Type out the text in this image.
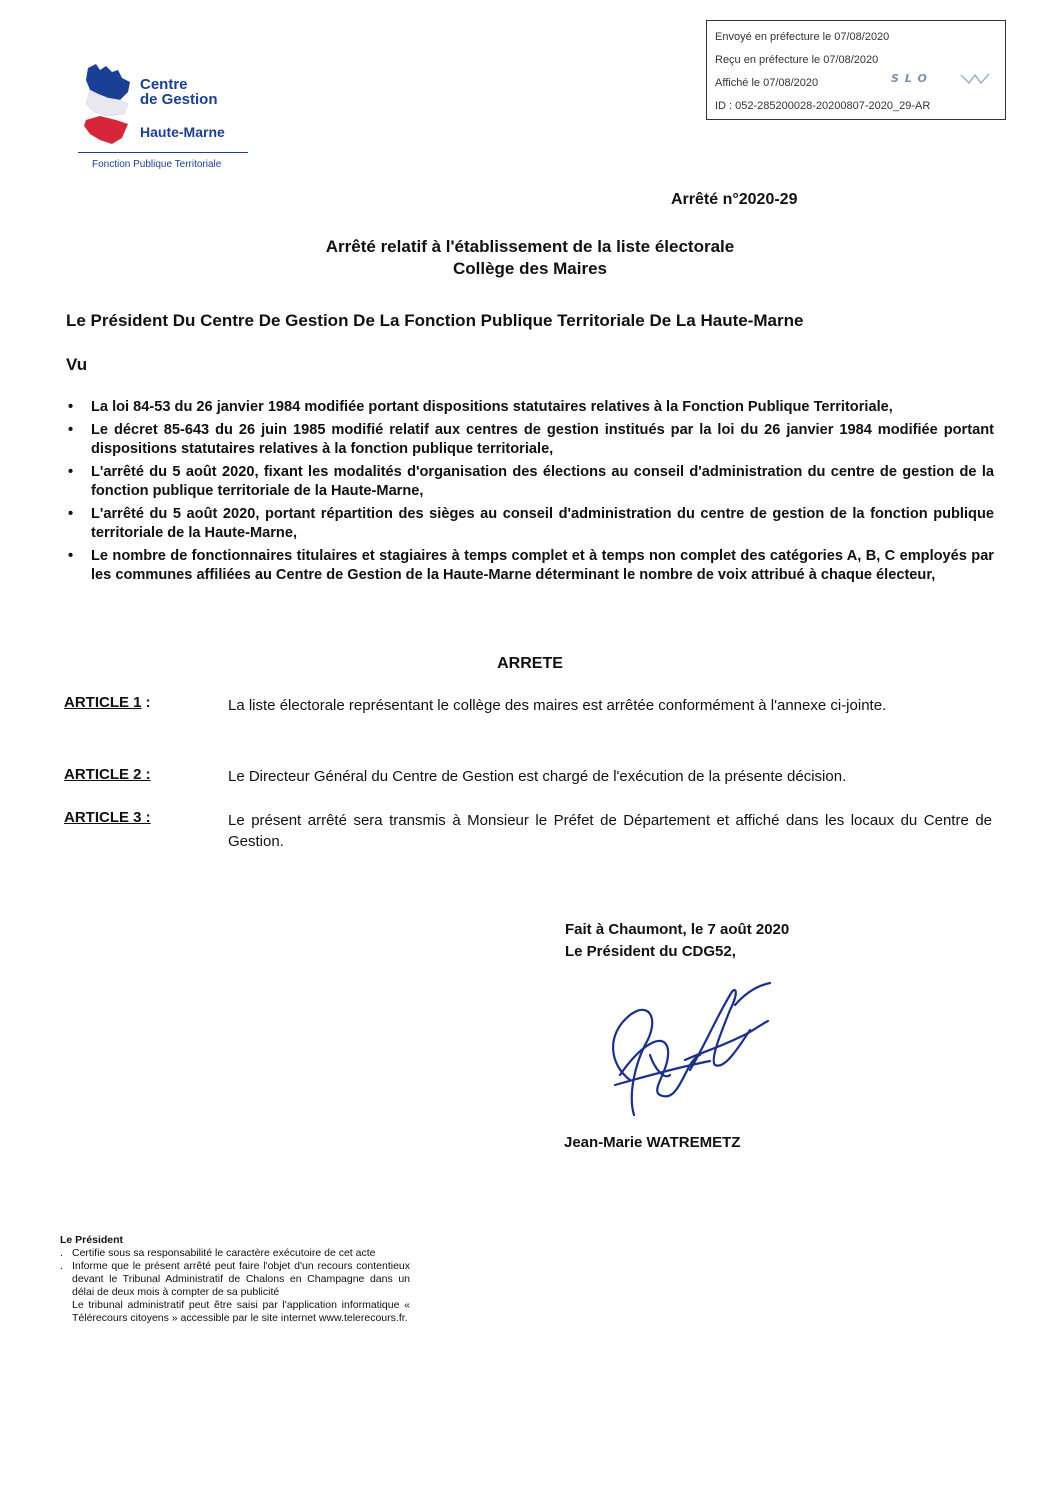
Envoyé en préfecture le 07/08/2020
Reçu en préfecture le 07/08/2020
Affiché le 07/08/2020
ID : 052-285200028-20200807-2020_29-AR
SLO
Centre
de Gestion
Haute-Marne
Fonction Publique Territoriale
Arrêté n°2020-29
Arrêté relatif à l'établissement de la liste électorale
Collège des Maires
Le Président Du Centre De Gestion De La Fonction Publique Territoriale De La Haute-Marne
Vu
• La loi 84-53 du 26 janvier 1984 modifiée portant dispositions statutaires relatives à la Fonction Publique Territoriale,
• Le décret 85-643 du 26 juin 1985 modifié relatif aux centres de gestion institués par la loi du 26 janvier 1984 modifiée portant dispositions statutaires relatives à la fonction publique territoriale,
• L'arrêté du 5 août 2020, fixant les modalités d'organisation des élections au conseil d'administration du centre de gestion de la fonction publique territoriale de la Haute-Marne,
• L'arrêté du 5 août 2020, portant répartition des sièges au conseil d'administration du centre de gestion de la fonction publique territoriale de la Haute-Marne,
• Le nombre de fonctionnaires titulaires et stagiaires à temps complet et à temps non complet des catégories A, B, C employés par les communes affiliées au Centre de Gestion de la Haute-Marne déterminant le nombre de voix attribué à chaque électeur,
ARRETE
ARTICLE 1 :	La liste électorale représentant le collège des maires est arrêtée conformément à l'annexe ci-jointe.
ARTICLE 2 :	Le Directeur Général du Centre de Gestion est chargé de l'exécution de la présente décision.
ARTICLE 3 :	Le présent arrêté sera transmis à Monsieur le Préfet de Département et affiché dans les locaux du Centre de Gestion.
Fait à Chaumont, le 7 août 2020
Le Président du CDG52,
Jean-Marie WATREMETZ
Le Président
. Certifie sous sa responsabilité le caractère exécutoire de cet acte
. Informe que le présent arrêté peut faire l'objet d'un recours contentieux devant le Tribunal Administratif de Chalons en Champagne dans un délai de deux mois à compter de sa publicité
Le tribunal administratif peut être saisi par l'application informatique « Télérecours citoyens » accessible par le site internet www.telerecours.fr.
